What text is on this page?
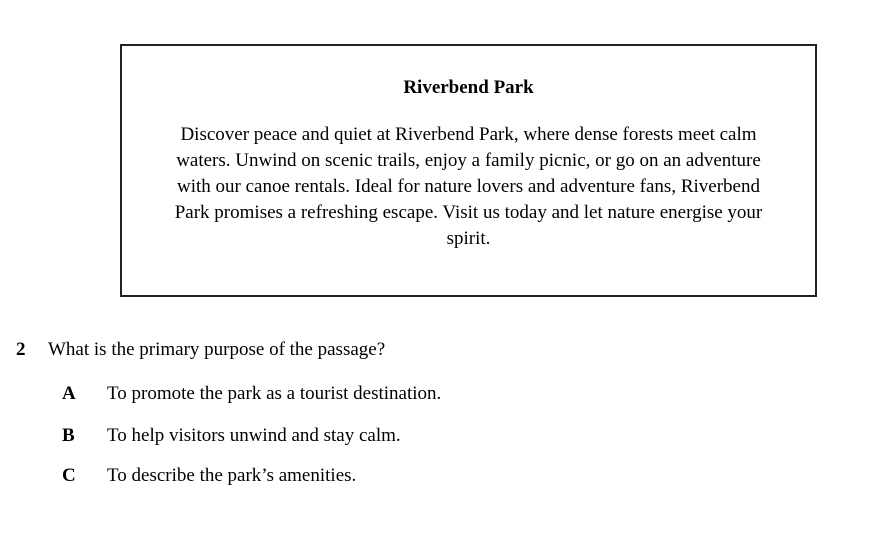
Riverbend Park
Discover peace and quiet at Riverbend Park, where dense forests meet calm
waters. Unwind on scenic trails, enjoy a family picnic, or go on an adventure
with our canoe rentals. Ideal for nature lovers and adventure fans, Riverbend
Park promises a refreshing escape. Visit us today and let nature energise your
spirit.
2 What is the primary purpose of the passage?
A	To promote the park as a tourist destination.
B	To help visitors unwind and stay calm.
C	To describe the park’s amenities.
